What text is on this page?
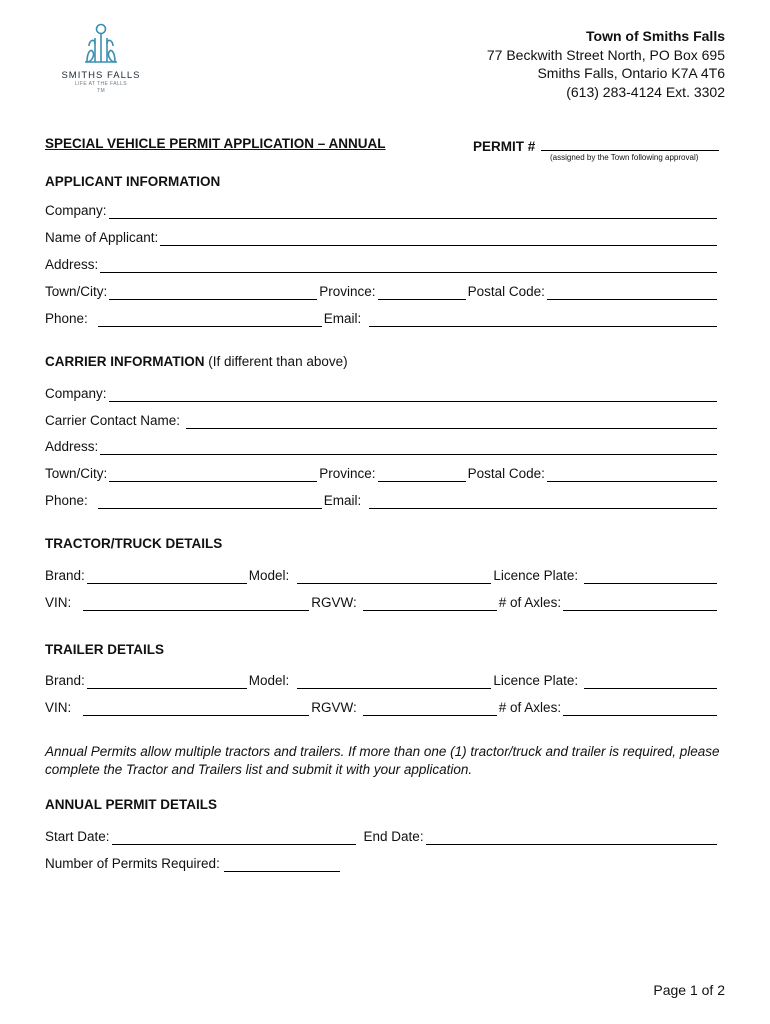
SMITHS FALLS
LIFE AT THE FALLS
TM
Town of Smiths Falls
77 Beckwith Street North, PO Box 695
Smiths Falls, Ontario K7A 4T6
(613) 283-4124 Ext. 3302
SPECIAL VEHICLE PERMIT APPLICATION – ANNUAL	PERMIT #
(assigned by the Town following approval)
APPLICANT INFORMATION
Company:
Name of Applicant:
Address:
Town/City:	Province:	Postal Code:
Phone:	Email:
CARRIER INFORMATION (If different than above)
Company:
Carrier Contact Name:
Address:
Town/City:	Province:	Postal Code:
Phone:	Email:
TRACTOR/TRUCK DETAILS
Brand:	Model:	Licence Plate:
VIN:	RGVW:	# of Axles:
TRAILER DETAILS
Brand:	Model:	Licence Plate:
VIN:	RGVW:	# of Axles:
Annual Permits allow multiple tractors and trailers. If more than one (1) tractor/truck and trailer is required, please complete the Tractor and Trailers list and submit it with your application.
ANNUAL PERMIT DETAILS
Start Date:	End Date:
Number of Permits Required:
Page 1 of 2
